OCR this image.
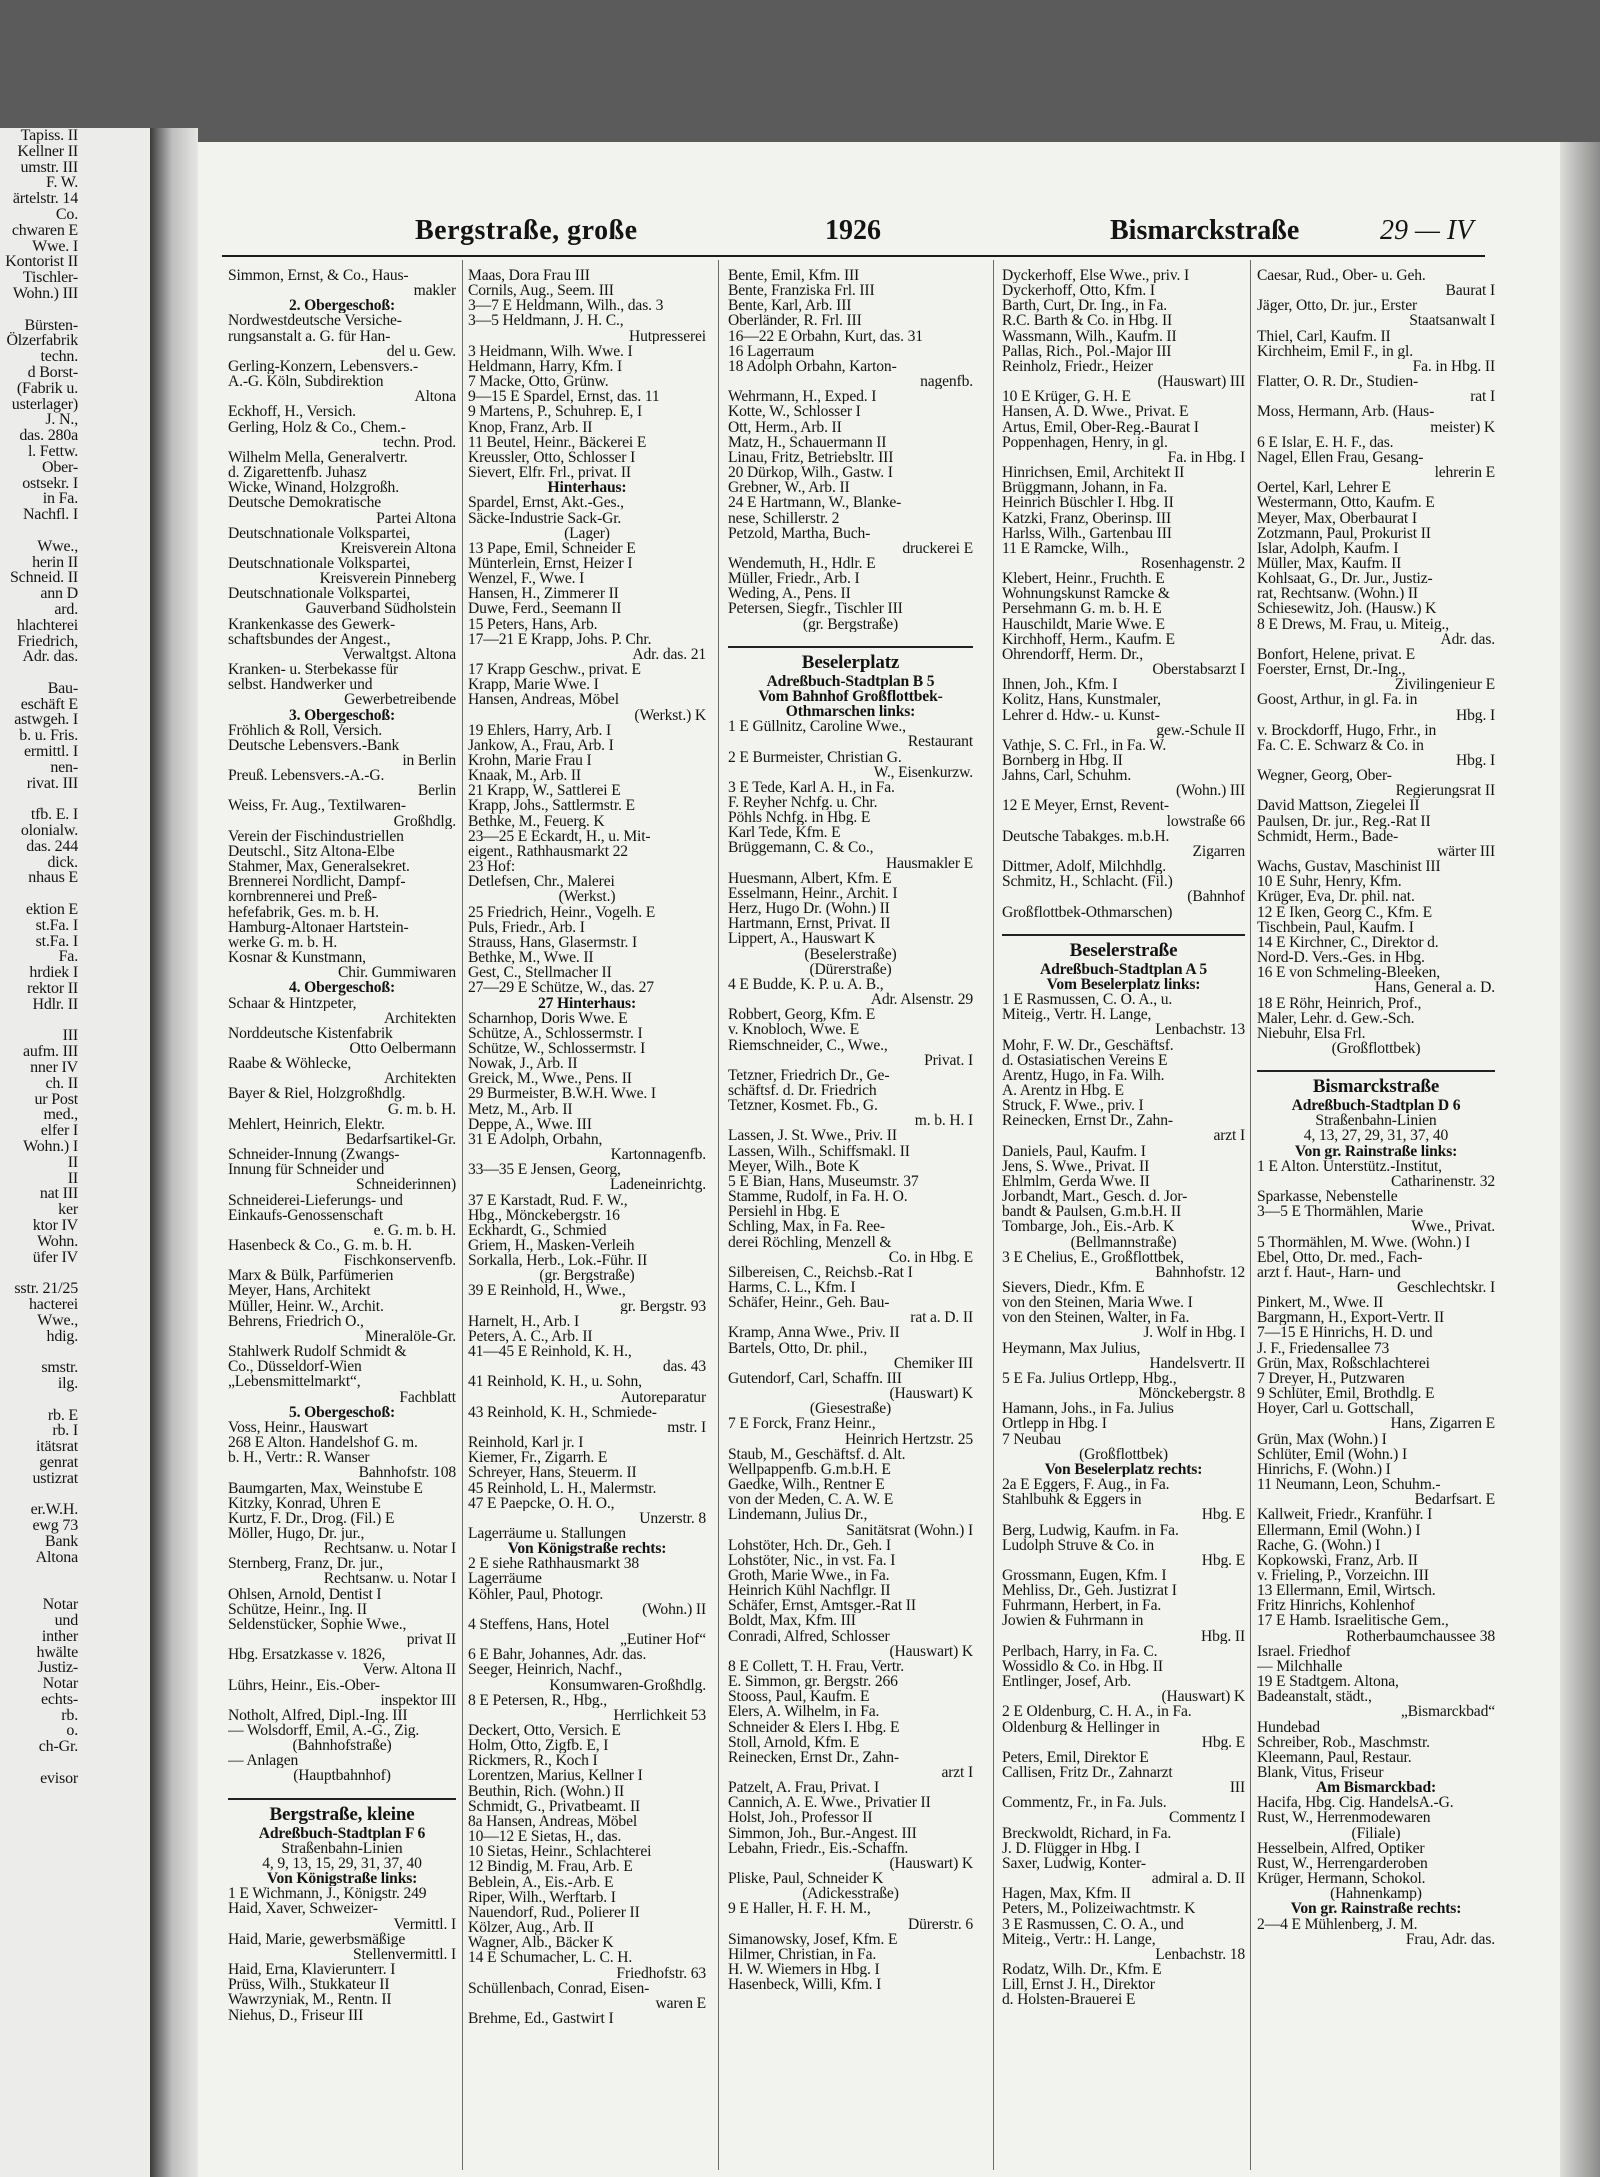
Tapiss. II
Kellner II
umstr. III
F. W.
ärtelstr. 14
Co.
chwaren E
Wwe. I
Kontorist II
Tischler-
Wohn.) III

Bürsten-
Ölzerfabrik
techn.
d Borst-
(Fabrik u.
usterlager)
J. N.,
das. 280a
l. Fettw.
Ober-
ostsekr. I
in Fa.
Nachfl. I

Wwe.,
herin II
Schneid. II
ann D
ard.
hlachterei
Friedrich,
Adr. das.

Bau-
eschäft E
astwgeh. I
b. u. Fris.
ermittl. I
nen-
rivat. III

tfb. E. I
olonialw.
das. 244
dick.
nhaus E

ektion E
st.Fa. I
st.Fa. I
Fa.
hrdiek I
rektor II
Hdlr. II

III
aufm. III
nner IV
ch. II
ur Post
med.,
elfer I
Wohn.) I
II
II
nat III
ker
ktor IV
Wohn.
üfer IV

sstr. 21/25
hacterei
Wwe.,
hdig.

smstr.
ilg.

rb. E
rb. I
itätsrat
genrat
ustizrat

er.W.H.
ewg 73
Bank
Altona

Notar
und
inther
hwälte
Justiz-
Notar
echts-
rb.
o.
ch-Gr.

evisor
Bergstraße, große	1926	Bismarckstraße	29 — IV
Simmon, Ernst, & Co., Haus-
makler
2. Obergeschoß:
Nordwestdeutsche Versiche-
rungsanstalt a. G. für Han-
del u. Gew.
Gerling-Konzern, Lebensvers.-
A.-G. Köln, Subdirektion
Altona
Eckhoff, H., Versich.
Gerling, Holz & Co., Chem.-
techn. Prod.
Wilhelm Mella, Generalvertr.
d. Zigarettenfb. Juhasz
Wicke, Winand, Holzgroßh.
Deutsche Demokratische
Partei Altona
Deutschnationale Volkspartei,
Kreisverein Altona
Deutschnationale Volkspartei,
Kreisverein Pinneberg
Deutschnationale Volkspartei,
Gauverband Südholstein
Krankenkasse des Gewerk-
schaftsbundes der Angest.,
Verwaltgst. Altona
Kranken- u. Sterbekasse für
selbst. Handwerker und
Gewerbetreibende
3. Obergeschoß:
Fröhlich & Roll, Versich.
Deutsche Lebensvers.-Bank
in Berlin
Preuß. Lebensvers.-A.-G.
Berlin
Weiss, Fr. Aug., Textilwaren-
Großhdlg.
Verein der Fischindustriellen
Deutschl., Sitz Altona-Elbe
Stahmer, Max, Generalsekret.
Brennerei Nordlicht, Dampf-
kornbrennerei und Preß-
hefefabrik, Ges. m. b. H.
Hamburg-Altonaer Hartstein-
werke G. m. b. H.
Kosnar & Kunstmann,
Chir. Gummiwaren
4. Obergeschoß:
Schaar & Hintzpeter,
Architekten
Norddeutsche Kistenfabrik
Otto Oelbermann
Raabe & Wöhlecke,
Architekten
Bayer & Riel, Holzgroßhdlg.
G. m. b. H.
Mehlert, Heinrich, Elektr.
Bedarfsartikel-Gr.
Schneider-Innung (Zwangs-
Innung für Schneider und
Schneiderinnen)
Schneiderei-Lieferungs- und
Einkaufs-Genossenschaft
e. G. m. b. H.
Hasenbeck & Co., G. m. b. H.
Fischkonservenfb.
Marx & Bülk, Parfümerien
Meyer, Hans, Architekt
Müller, Heinr. W., Archit.
Behrens, Friedrich O.,
Mineralöle-Gr.
Stahlwerk Rudolf Schmidt &
Co., Düsseldorf-Wien
„Lebensmittelmarkt“,
Fachblatt
5. Obergeschoß:
Voss, Heinr., Hauswart
268 E Alton. Handelshof G. m.
b. H., Vertr.: R. Wanser
Bahnhofstr. 108
Baumgarten, Max, Weinstube E
Kitzky, Konrad, Uhren E
Kurtz, F. Dr., Drog. (Fil.) E
Möller, Hugo, Dr. jur.,
Rechtsanw. u. Notar I
Sternberg, Franz, Dr. jur.,
Rechtsanw. u. Notar I
Ohlsen, Arnold, Dentist I
Schütze, Heinr., Ing. II
Seldenstücker, Sophie Wwe.,
privat II
Hbg. Ersatzkasse v. 1826,
Verw. Altona II
Lührs, Heinr., Eis.-Ober-
inspektor III
Notholt, Alfred, Dipl.-Ing. III
— Wolsdorff, Emil, A.-G., Zig.
(Bahnhofstraße)
— Anlagen
(Hauptbahnhof)

Bergstraße, kleine
Adreßbuch-Stadtplan F 6
Straßenbahn-Linien
4, 9, 13, 15, 29, 31, 37, 40
Von Königstraße links:
1 E Wichmann, J., Königstr. 249
Haid, Xaver, Schweizer-
Vermittl. I
Haid, Marie, gewerbsmäßige
Stellenvermittl. I
Haid, Erna, Klavierunterr. I
Prüss, Wilh., Stukkateur II
Wawrzyniak, M., Rentn. II
Niehus, D., Friseur III
Maas, Dora Frau III
Cornils, Aug., Seem. III
3—7 E Heldmann, Wilh., das. 3
3—5 Heldmann, J. H. C.,
Hutpresserei
3 Heidmann, Wilh. Wwe. I
Heldmann, Harry, Kfm. I
7 Macke, Otto, Grünw.
9—15 E Spardel, Ernst, das. 11
9 Martens, P., Schuhrep. E, I
Knop, Franz, Arb. II
11 Beutel, Heinr., Bäckerei E
Kreussler, Otto, Schlosser I
Sievert, Elfr. Frl., privat. II
Hinterhaus:
Spardel, Ernst, Akt.-Ges.,
Säcke-Industrie Sack-Gr.
(Lager)
13 Pape, Emil, Schneider E
Münterlein, Ernst, Heizer I
Wenzel, F., Wwe. I
Hansen, H., Zimmerer II
Duwe, Ferd., Seemann II
15 Peters, Hans, Arb.
17—21 E Krapp, Johs. P. Chr.
Adr. das. 21
17 Krapp Geschw., privat. E
Krapp, Marie Wwe. I
Hansen, Andreas, Möbel
(Werkst.) K
19 Ehlers, Harry, Arb. I
Jankow, A., Frau, Arb. I
Krohn, Marie Frau I
Knaak, M., Arb. II
21 Krapp, W., Sattlerei E
Krapp, Johs., Sattlermstr. E
Bethke, M., Feuerg. K
23—25 E Eckardt, H., u. Mit-
eigent., Rathhausmarkt 22
23 Hof:
Detlefsen, Chr., Malerei
(Werkst.)
25 Friedrich, Heinr., Vogelh. E
Puls, Friedr., Arb. I
Strauss, Hans, Glasermstr. I
Bethke, M., Wwe. II
Gest, C., Stellmacher II
27—29 E Schütze, W., das. 27
27 Hinterhaus:
Scharnhop, Doris Wwe. E
Schütze, A., Schlossermstr. I
Schütze, W., Schlossermstr. I
Nowak, J., Arb. II
Greick, M., Wwe., Pens. II
29 Burmeister, B.W.H. Wwe. I
Metz, M., Arb. II
Deppe, A., Wwe. III
31 E Adolph, Orbahn,
Kartonnagenfb.
33—35 E Jensen, Georg,
Ladeneinrichtg.
37 E Karstadt, Rud. F. W.,
Hbg., Mönckebergstr. 16
Eckhardt, G., Schmied
Griem, H., Masken-Verleih
Sorkalla, Herb., Lok.-Führ. II
(gr. Bergstraße)
39 E Reinhold, H., Wwe.,
gr. Bergstr. 93
Harnelt, H., Arb. I
Peters, A. C., Arb. II
41—45 E Reinhold, K. H.,
das. 43
41 Reinhold, K. H., u. Sohn,
Autoreparatur
43 Reinhold, K. H., Schmiede-
mstr. I
Reinhold, Karl jr. I
Kiemer, Fr., Zigarrh. E
Schreyer, Hans, Steuerm. II
45 Reinhold, L. H., Malermstr.
47 E Paepcke, O. H. O.,
Unzerstr. 8
Lagerräume u. Stallungen
Von Königstraße rechts:
2 E siehe Rathhausmarkt 38
Lagerräume
Köhler, Paul, Photogr.
(Wohn.) II
4 Steffens, Hans, Hotel
„Eutiner Hof“
6 E Bahr, Johannes, Adr. das.
Seeger, Heinrich, Nachf.,
Konsumwaren-Großhdlg.
8 E Petersen, R., Hbg.,
Herrlichkeit 53
Deckert, Otto, Versich. E
Holm, Otto, Zigfb. E, I
Rickmers, R., Koch I
Lorentzen, Marius, Kellner I
Beuthin, Rich. (Wohn.) II
Schmidt, G., Privatbeamt. II
8a Hansen, Andreas, Möbel
10—12 E Sietas, H., das.
10 Sietas, Heinr., Schlachterei
12 Bindig, M. Frau, Arb. E
Beblein, A., Eis.-Arb. E
Riper, Wilh., Werftarb. I
Nauendorf, Rud., Polierer II
Kölzer, Aug., Arb. II
Wagner, Alb., Bäcker K
14 E Schumacher, L. C. H.
Friedhofstr. 63
Schüllenbach, Conrad, Eisen-
waren E
Brehme, Ed., Gastwirt I
Bente, Emil, Kfm. III
Bente, Franziska Frl. III
Bente, Karl, Arb. III
Oberländer, R. Frl. III
16—22 E Orbahn, Kurt, das. 31
16 Lagerraum
18 Adolph Orbahn, Karton-
nagenfb.
Wehrmann, H., Exped. I
Kotte, W., Schlosser I
Ott, Herm., Arb. II
Matz, H., Schauermann II
Linau, Fritz, Betriebsltr. III
20 Dürkop, Wilh., Gastw. I
Grebner, W., Arb. II
24 E Hartmann, W., Blanke-
nese, Schillerstr. 2
Petzold, Martha, Buch-
druckerei E
Wendemuth, H., Hdlr. E
Müller, Friedr., Arb. I
Weding, A., Pens. II
Petersen, Siegfr., Tischler III
(gr. Bergstraße)

Beselerplatz
Adreßbuch-Stadtplan B 5
Vom Bahnhof Großflottbek-
Othmarschen links:
1 E Güllnitz, Caroline Wwe.,
Restaurant
2 E Burmeister, Christian G.
W., Eisenkurzw.
3 E Tede, Karl A. H., in Fa.
F. Reyher Nchfg. u. Chr.
Pöhls Nchfg. in Hbg. E
Karl Tede, Kfm. E
Brüggemann, C. & Co.,
Hausmakler E
Huesmann, Albert, Kfm. E
Esselmann, Heinr., Archit. I
Herz, Hugo Dr. (Wohn.) II
Hartmann, Ernst, Privat. II
Lippert, A., Hauswart K
(Beselerstraße)
(Dürerstraße)
4 E Budde, K. P. u. A. B.,
Adr. Alsenstr. 29
Robbert, Georg, Kfm. E
v. Knobloch, Wwe. E
Riemschneider, C., Wwe.,
Privat. I
Tetzner, Friedrich Dr., Ge-
schäftsf. d. Dr. Friedrich
Tetzner, Kosmet. Fb., G.
m. b. H. I
Lassen, J. St. Wwe., Priv. II
Lassen, Wilh., Schiffsmakl. II
Meyer, Wilh., Bote K
5 E Bian, Hans, Museumstr. 37
Stamme, Rudolf, in Fa. H. O.
Persiehl in Hbg. E
Schling, Max, in Fa. Ree-
derei Röchling, Menzell &
Co. in Hbg. E
Silbereisen, C., Reichsb.-Rat I
Harms, C. L., Kfm. I
Schäfer, Heinr., Geh. Bau-
rat a. D. II
Kramp, Anna Wwe., Priv. II
Bartels, Otto, Dr. phil.,
Chemiker III
Gutendorf, Carl, Schaffn. III
(Hauswart) K
(Giesestraße)
7 E Forck, Franz Heinr.,
Heinrich Hertzstr. 25
Staub, M., Geschäftsf. d. Alt.
Wellpappenfb. G.m.b.H. E
Gaedke, Wilh., Rentner E
von der Meden, C. A. W. E
Lindemann, Julius Dr.,
Sanitätsrat (Wohn.) I
Lohstöter, Hch. Dr., Geh. I
Lohstöter, Nic., in vst. Fa. I
Groth, Marie Wwe., in Fa.
Heinrich Kühl Nachflgr. II
Schäfer, Ernst, Amtsger.-Rat II
Boldt, Max, Kfm. III
Conradi, Alfred, Schlosser
(Hauswart) K
8 E Collett, T. H. Frau, Vertr.
E. Simmon, gr. Bergstr. 266
Stooss, Paul, Kaufm. E
Elers, A. Wilhelm, in Fa.
Schneider & Elers I. Hbg. E
Stoll, Arnold, Kfm. E
Reinecken, Ernst Dr., Zahn-
arzt I
Patzelt, A. Frau, Privat. I
Cannich, A. E. Wwe., Privatier II
Holst, Joh., Professor II
Simmon, Joh., Bur.-Angest. III
Lebahn, Friedr., Eis.-Schaffn.
(Hauswart) K
Pliske, Paul, Schneider K
(Adickesstraße)
9 E Haller, H. F. H. M.,
Dürerstr. 6
Simanowsky, Josef, Kfm. E
Hilmer, Christian, in Fa.
H. W. Wiemers in Hbg. I
Hasenbeck, Willi, Kfm. I
Dyckerhoff, Else Wwe., priv. I
Dyckerhoff, Otto, Kfm. I
Barth, Curt, Dr. Ing., in Fa.
R.C. Barth & Co. in Hbg. II
Wassmann, Wilh., Kaufm. II
Pallas, Rich., Pol.-Major III
Reinholz, Friedr., Heizer
(Hauswart) III
10 E Krüger, G. H. E
Hansen, A. D. Wwe., Privat. E
Artus, Emil, Ober-Reg.-Baurat I
Poppenhagen, Henry, in gl.
Fa. in Hbg. I
Hinrichsen, Emil, Architekt II
Brüggmann, Johann, in Fa.
Heinrich Büschler I. Hbg. II
Katzki, Franz, Oberinsp. III
Harlss, Wilh., Gartenbau III
11 E Ramcke, Wilh.,
Rosenhagenstr. 2
Klebert, Heinr., Fruchth. E
Wohnungskunst Ramcke &
Persehmann G. m. b. H. E
Hauschildt, Marie Wwe. E
Kirchhoff, Herm., Kaufm. E
Ohrendorff, Herm. Dr.,
Oberstabsarzt I
Ihnen, Joh., Kfm. I
Kolitz, Hans, Kunstmaler,
Lehrer d. Hdw.- u. Kunst-
gew.-Schule II
Vathje, S. C. Frl., in Fa. W.
Bornberg in Hbg. II
Jahns, Carl, Schuhm.
(Wohn.) III
12 E Meyer, Ernst, Revent-
lowstraße 66
Deutsche Tabakges. m.b.H.
Zigarren
Dittmer, Adolf, Milchhdlg.
Schmitz, H., Schlacht. (Fil.)
(Bahnhof
Großflottbek-Othmarschen)

Beselerstraße
Adreßbuch-Stadtplan A 5
Vom Beselerplatz links:
1 E Rasmussen, C. O. A., u.
Miteig., Vertr. H. Lange,
Lenbachstr. 13
Mohr, F. W. Dr., Geschäftsf.
d. Ostasiatischen Vereins E
Arentz, Hugo, in Fa. Wilh.
A. Arentz in Hbg. E
Struck, F. Wwe., priv. I
Reinecken, Ernst Dr., Zahn-
arzt I
Daniels, Paul, Kaufm. I
Jens, S. Wwe., Privat. II
Ehlmlm, Gerda Wwe. II
Jorbandt, Mart., Gesch. d. Jor-
bandt & Paulsen, G.m.b.H. II
Tombarge, Joh., Eis.-Arb. K
(Bellmannstraße)
3 E Chelius, E., Großflottbek,
Bahnhofstr. 12
Sievers, Diedr., Kfm. E
von den Steinen, Maria Wwe. I
von den Steinen, Walter, in Fa.
J. Wolf in Hbg. I
Heymann, Max Julius,
Handelsvertr. II
5 E Fa. Julius Ortlepp, Hbg.,
Mönckebergstr. 8
Hamann, Johs., in Fa. Julius
Ortlepp in Hbg. I
7 Neubau
(Großflottbek)
Von Beselerplatz rechts:
2a E Eggers, F. Aug., in Fa.
Stahlbuhk & Eggers in
Hbg. E
Berg, Ludwig, Kaufm. in Fa.
Ludolph Struve & Co. in
Hbg. E
Grossmann, Eugen, Kfm. I
Mehliss, Dr., Geh. Justizrat I
Fuhrmann, Herbert, in Fa.
Jowien & Fuhrmann in
Hbg. II
Perlbach, Harry, in Fa. C.
Wossidlo & Co. in Hbg. II
Entlinger, Josef, Arb.
(Hauswart) K
2 E Oldenburg, C. H. A., in Fa.
Oldenburg & Hellinger in
Hbg. E
Peters, Emil, Direktor E
Callisen, Fritz Dr., Zahnarzt
III
Commentz, Fr., in Fa. Juls.
Commentz I
Breckwoldt, Richard, in Fa.
J. D. Flügger in Hbg. I
Saxer, Ludwig, Konter-
admiral a. D. II
Hagen, Max, Kfm. II
Peters, M., Polizeiwachtmstr. K
3 E Rasmussen, C. O. A., und
Miteig., Vertr.: H. Lange,
Lenbachstr. 18
Rodatz, Wilh. Dr., Kfm. E
Lill, Ernst J. H., Direktor
d. Holsten-Brauerei E
Caesar, Rud., Ober- u. Geh.
Baurat I
Jäger, Otto, Dr. jur., Erster
Staatsanwalt I
Thiel, Carl, Kaufm. II
Kirchheim, Emil F., in gl.
Fa. in Hbg. II
Flatter, O. R. Dr., Studien-
rat I
Moss, Hermann, Arb. (Haus-
meister) K
6 E Islar, E. H. F., das.
Nagel, Ellen Frau, Gesang-
lehrerin E
Oertel, Karl, Lehrer E
Westermann, Otto, Kaufm. E
Meyer, Max, Oberbaurat I
Zotzmann, Paul, Prokurist II
Islar, Adolph, Kaufm. I
Müller, Max, Kaufm. II
Kohlsaat, G., Dr. Jur., Justiz-
rat, Rechtsanw. (Wohn.) II
Schiesewitz, Joh. (Hausw.) K
8 E Drews, M. Frau, u. Miteig.,
Adr. das.
Bonfort, Helene, privat. E
Foerster, Ernst, Dr.-Ing.,
Zivilingenieur E
Goost, Arthur, in gl. Fa. in
Hbg. I
v. Brockdorff, Hugo, Frhr., in
Fa. C. E. Schwarz & Co. in
Hbg. I
Wegner, Georg, Ober-
Regierungsrat II
David Mattson, Ziegelei II
Paulsen, Dr. jur., Reg.-Rat II
Schmidt, Herm., Bade-
wärter III
Wachs, Gustav, Maschinist III
10 E Suhr, Henry, Kfm.
Krüger, Eva, Dr. phil. nat.
12 E Iken, Georg C., Kfm. E
Tischbein, Paul, Kaufm. I
14 E Kirchner, C., Direktor d.
Nord-D. Vers.-Ges. in Hbg.
16 E von Schmeling-Bleeken,
Hans, General a. D.
18 E Röhr, Heinrich, Prof.,
Maler, Lehr. d. Gew.-Sch.
Niebuhr, Elsa Frl.
(Großflottbek)

Bismarckstraße
Adreßbuch-Stadtplan D 6
Straßenbahn-Linien
4, 13, 27, 29, 31, 37, 40
Von gr. Rainstraße links:
1 E Alton. Unterstütz.-Institut,
Catharinenstr. 32
Sparkasse, Nebenstelle
3—5 E Thormählen, Marie
Wwe., Privat.
5 Thormählen, M. Wwe. (Wohn.) I
Ebel, Otto, Dr. med., Fach-
arzt f. Haut-, Harn- und
Geschlechtskr. I
Pinkert, M., Wwe. II
Bargmann, H., Export-Vertr. II
7—15 E Hinrichs, H. D. und
J. F., Friedensallee 73
Grün, Max, Roßschlachterei
7 Dreyer, H., Putzwaren
9 Schlüter, Emil, Brothdlg. E
Hoyer, Carl u. Gottschall,
Hans, Zigarren E
Grün, Max (Wohn.) I
Schlüter, Emil (Wohn.) I
Hinrichs, F. (Wohn.) I
11 Neumann, Leon, Schuhm.-
Bedarfsart. E
Kallweit, Friedr., Kranführ. I
Ellermann, Emil (Wohn.) I
Rache, G. (Wohn.) I
Kopkowski, Franz, Arb. II
v. Frieling, P., Vorzeichn. III
13 Ellermann, Emil, Wirtsch.
Fritz Hinrichs, Kohlenhof
17 E Hamb. Israelitische Gem.,
Rotherbaumchaussee 38
Israel. Friedhof
— Milchhalle
19 E Stadtgem. Altona,
Badeanstalt, städt.,
„Bismarckbad“
Hundebad
Schreiber, Rob., Maschmstr.
Kleemann, Paul, Restaur.
Blank, Vitus, Friseur
Am Bismarckbad:
Hacifa, Hbg. Cig. HandelsA.-G.
Rust, W., Herrenmodewaren
(Filiale)
Hesselbein, Alfred, Optiker
Rust, W., Herrengarderoben
Krüger, Hermann, Schokol.
(Hahnenkamp)
Von gr. Rainstraße rechts:
2—4 E Mühlenberg, J. M.
Frau, Adr. das.
